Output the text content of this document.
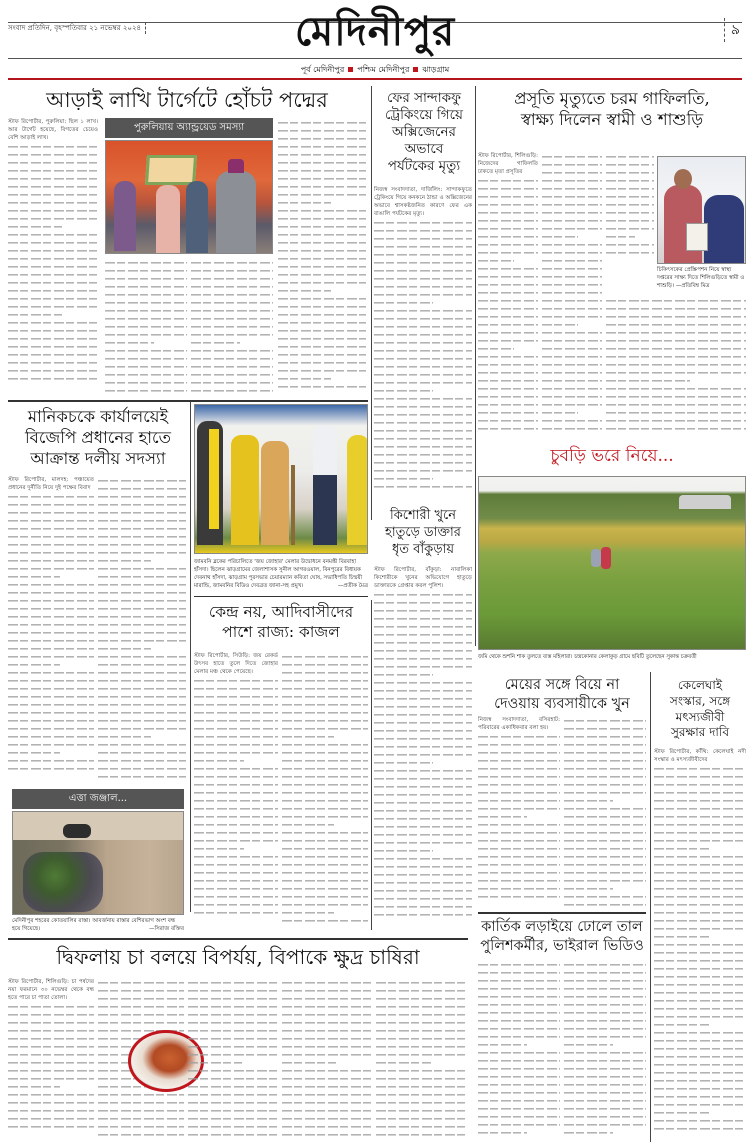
সংবাদ প্রতিদিন, বৃহস্পতিবার ২১ নভেম্বর ২০২৪	মেদিনীপুর	৯
পূর্ব মেদিনীপুর পশ্চিম মেদিনীপুর ঝাড়গ্রাম
আড়াই লাখি টার্গেটে হোঁচট পদ্মের
স্টাফ রিপোর্টার, পুরুলিয়া: ছিল ১ লাখ। আর টার্গেট হয়েছে, বিগতের চেয়েও বেশি আড়াই লাখ।
পুরুলিয়ায় অ্যান্ড্রয়েড সমস্যা
ফের সান্দাকফু
ট্রেকিংয়ে গিয়ে
অক্সিজেনের
অভাবে
পর্যটকের মৃত্যু
নিজস্ব সংবাদদাতা, দার্জিলিং: সান্দাকফুতে ট্রেকিংয়ে গিয়ে কনকনে ঠান্ডা ও অক্সিজেনের অভাবে শ্বাসকষ্টজনিত কারণে ফের এক বাঙালি পর্যটকের মৃত্যু।
প্রসূতি মৃত্যুতে চরম গাফিলতি,
স্বাক্ষ্য দিলেন স্বামী ও শাশুড়ি
স্টাফ রিপোর্টার, শিলিগুড়ি: নিজেদের গাফিলতি ঢাকতে মৃতা প্রসূতির
চিকিৎসকের প্রেস্ক্রিপশন নিয়ে স্বাস্থ্য দপ্তরের সাক্ষ্য দিতে শিলিগুড়িতে স্বামী ও শাশুড়ি। —প্রতিবিম্ব মিত্র
মানিকচকে কার্যালয়েই
বিজেপি প্রধানের হাতে
আক্রান্ত দলীয় সদস্যা
স্টাফ রিপোর্টার, মালদহ: পঞ্চায়েত প্রধানের দুর্নীতি নিয়ে দুই পক্ষের বিবাদ
জামবনি ব্লকের পরিচালিতে 'জয় জোহার' মেলার উদ্বোধনে বনমন্ত্রী বিরবাহা হাঁসদা। ছিলেন ঝাড়গ্রামের জেলাশাসক সুনীল আগরওয়াল, বিনপুরের বিধায়ক দেবনাথ হাঁসদা, ঝাড়গ্রাম পুরসভার চেয়ারম্যান কবিতা ঘোষ, সভাধিপতি চিন্ময়ী মারান্ডি, জামবনির বিডিও দেবব্রত জানা-সহ প্রমুখ।	—প্রতীক মৈত্র
কেন্দ্র নয়, আদিবাসীদের
পাশে রাজ্য: কাজল
স্টাফ রিপোর্টার, সিউড়ি: জয় রেকর্ড উৎসব হাতে তুলে দিতে জোহার মেলার মঞ্চ থেকে পেয়েছে।
চুবড়ি ভরে নিয়ে...
জমি থেকে শুশনি শাক তুলতে ব্যস্ত মহিলারা। চন্দ্রকোনার কেলাকুড় গ্রামে ছবিটি তুলেছেন সুকান্ত চক্রবর্তী
কিশোরী খুনে
হাতুড়ে ডাক্তার
ধৃত বাঁকুড়ায়
স্টাফ রিপোর্টার, বাঁকুড়া: নাবালিকা কিশোরীকে খুনের অভিযোগে হাতুড়ে ডাক্তারকে গ্রেপ্তার করল পুলিশ।
মেয়ের সঙ্গে বিয়ে না
দেওয়ায় ব্যবসায়ীকে খুন
নিজস্ব সংবাদদাতা, বসিরহাট: পরিবারের একাধিকবার বলা হয়।
কেলেঘাই
সংস্কার, সঙ্গে
মৎস্যজীবী
সুরক্ষার দাবি
স্টাফ রিপোর্টার, কাঁথি: কেলেঘাই নদী সংস্কার ও মৎস্যজীবীদের
এত্তা জঞ্জাল...
মেদিনীপুর শহরের কোতয়ালির রাস্তা। আবর্জনায় রাস্তার বেশিরভাগ অংশ বন্ধ হয়ে গিয়েছে।	—সিরাজ বক্তির	কার্তিক লড়াইয়ে ঢোলে তাল
পুলিশকর্মীর, ভাইরাল ভিডিও
দ্বিফলায় চা বলয়ে বিপর্যয়, বিপাকে ক্ষুদ্র চাষিরা
স্টাফ রিপোর্টার, শিলিগুড়ি: চা পর্ষদের নয়া ফরমানে ৩০ নভেম্বর থেকে বন্ধ হতে পারে চা পাতা তোলা।
